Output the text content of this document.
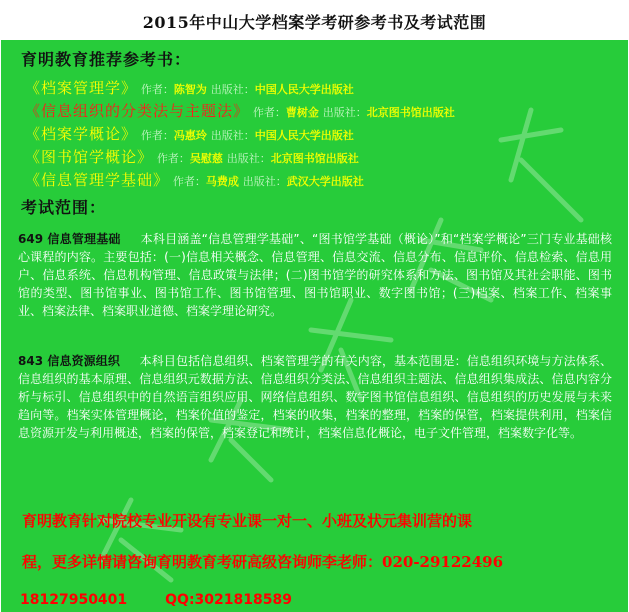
2015年中山大学档案学考研参考书及考试范围
育明教育推荐参考书：
《档案管理学》 作者：陈智为 出版社：中国人民大学出版社
《信息组织的分类法与主题法》 作者：曹树金 出版社：北京图书馆出版社
《档案学概论》 作者：冯惠玲 出版社：中国人民大学出版社
《图书馆学概论》 作者：吴慰慈 出版社：北京图书馆出版社
《信息管理学基础》 作者：马费成 出版社：武汉大学出版社
考试范围：
649 信息管理基础 本科目涵盖“信息管理学基础”、“图书馆学基础（概论）”和“档案学概论”三门专业基础核心课程的内容。主要包括：(一)信息相关概念、信息管理、信息交流、信息分布、信息评价、信息检索、信息用户、信息系统、信息机构管理、信息政策与法律；(二)图书馆学的研究体系和方法、图书馆及其社会职能、图书馆的类型、图书馆事业、图书馆工作、图书馆管理、图书馆职业、数字图书馆；(三)档案、档案工作、档案事业、档案法律、档案职业道德、档案学理论研究。
843 信息资源组织 本科目包括信息组织、档案管理学的有关内容，基本范围是：信息组织环境与方法体系、信息组织的基本原理、信息组织元数据方法、信息组织分类法、信息组织主题法、信息组织集成法、信息内容分析与标引、信息组织中的自然语言组织应用、网络信息组织、数字图书馆信息组织、信息组织的历史发展与未来趋向等。档案实体管理概论，档案价值的鉴定，档案的收集，档案的整理，档案的保管，档案提供利用，档案信息资源开发与利用概述，档案的保管，档案登记和统计，档案信息化概论，电子文件管理，档案数字化等。
育明教育针对院校专业开设有专业课一对一、小班及状元集训营的课
程，更多详情请咨询育明教育考研高级咨询师李老师：020-29122496
18127950401	QQ:3021818589
